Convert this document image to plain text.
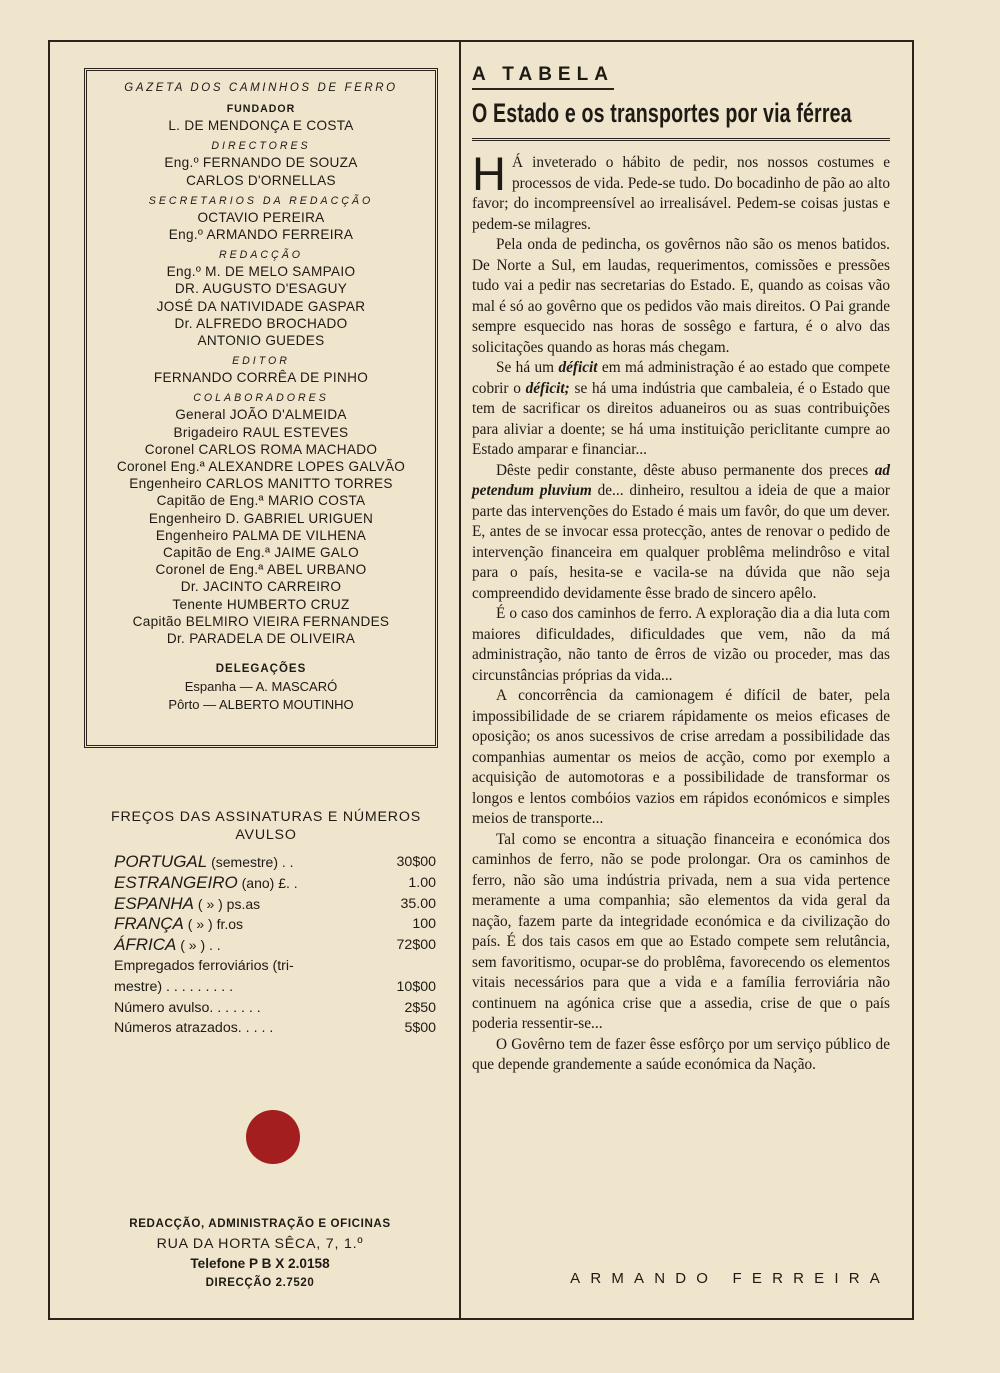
GAZETA DOS CAMINHOS DE FERRO
FUNDADOR
L. DE MENDONÇA E COSTA
DIRECTORES
Eng.º FERNANDO DE SOUZA
CARLOS D'ORNELLAS
SECRETARIOS DA REDACÇÃO
OCTAVIO PEREIRA
Eng.º ARMANDO FERREIRA
REDACÇÃO
Eng.º M. DE MELO SAMPAIO
DR. AUGUSTO D'ESAGUY
JOSÉ DA NATIVIDADE GASPAR
Dr. ALFREDO BROCHADO
ANTONIO GUEDES
EDITOR
FERNANDO CORRÊA DE PINHO
COLABORADORES
General JOÃO D'ALMEIDA
Brigadeiro RAUL ESTEVES
Coronel CARLOS ROMA MACHADO
Coronel Eng.ª ALEXANDRE LOPES GALVÃO
Engenheiro CARLOS MANITTO TORRES
Capitão de Eng.ª MARIO COSTA
Engenheiro D. GABRIEL URIGUEN
Engenheiro PALMA DE VILHENA
Capitão de Eng.ª JAIME GALO
Coronel de Eng.ª ABEL URBANO
Dr. JACINTO CARREIRO
Tenente HUMBERTO CRUZ
Capitão BELMIRO VIEIRA FERNANDES
Dr. PARADELA DE OLIVEIRA
DELEGAÇÕES
Espanha — A. MASCARÓ
Pôrto — ALBERTO MOUTINHO
FREÇOS DAS ASSINATURAS E NÚMEROS AVULSO
PORTUGAL (semestre) . .	30$00
ESTRANGEIRO (ano) £. .	1.00
ESPANHA ( » ) ps.as	35.00
FRANÇA ( » ) fr.os	100
ÁFRICA ( » ) . .	72$00
Empregados ferroviários (tri-
mestre) . . . . . . . . .	10$00
Número avulso. . . . . . .	2$50
Números atrazados. . . . .	5$00
REDACÇÃO, ADMINISTRAÇÃO E OFICINAS
RUA DA HORTA SÊCA, 7, 1.º
Telefone P B X 2.0158
DIRECÇÃO 2.7520
A TABELA
O Estado e os transportes por via férrea

H Á inveterado o hábito de pedir, nos nossos costumes e processos de vida. Pede-se tudo. Do bocadinho de pão ao alto favor; do incompreensível ao irrealisável. Pedem-se coisas justas e pedem-se milagres.

Pela onda de pedincha, os govêrnos não são os menos batidos. De Norte a Sul, em laudas, requerimentos, comissões e pressões tudo vai a pedir nas secretarias do Estado. E, quando as coisas vão mal é só ao govêrno que os pedidos vão mais direitos. O Pai grande sempre esquecido nas horas de sossêgo e fartura, é o alvo das solicitações quando as horas más chegam.

Se há um déficit em má administração é ao estado que compete cobrir o déficit; se há uma indústria que cambaleia, é o Estado que tem de sacrificar os direitos aduaneiros ou as suas contribuições para aliviar a doente; se há uma instituição periclitante cumpre ao Estado amparar e financiar...

Dêste pedir constante, dêste abuso permanente dos preces ad petendum pluvium de... dinheiro, resultou a ideia de que a maior parte das intervenções do Estado é mais um favôr, do que um dever. E, antes de se invocar essa protecção, antes de renovar o pedido de intervenção financeira em qualquer problêma melindrôso e vital para o país, hesita-se e vacila-se na dúvida que não seja compreendido devidamente êsse brado de sincero apêlo.

É o caso dos caminhos de ferro. A exploração dia a dia luta com maiores dificuldades, dificuldades que vem, não da má administração, não tanto de êrros de vizão ou proceder, mas das circunstâncias próprias da vida...

A concorrência da camionagem é difícil de bater, pela impossibilidade de se criarem rápidamente os meios eficases de oposição; os anos sucessivos de crise arredam a possibilidade das companhias aumentar os meios de acção, como por exemplo a acquisição de automotoras e a possibilidade de transformar os longos e lentos combóios vazios em rápidos económicos e simples meios de transporte...

Tal como se encontra a situação financeira e económica dos caminhos de ferro, não se pode prolongar. Ora os caminhos de ferro, não são uma indústria privada, nem a sua vida pertence meramente a uma companhia; são elementos da vida geral da nação, fazem parte da integridade económica e da civilização do país. É dos tais casos em que ao Estado compete sem relutância, sem favoritismo, ocupar-se do problêma, favorecendo os elementos vitais necessários para que a vida e a família ferroviária não continuem na agónica crise que a assedia, crise de que o país poderia ressentir-se...

O Govêrno tem de fazer êsse esfôrço por um serviço público de que depende grandemente a saúde económica da Nação.

ARMANDO FERREIRA
